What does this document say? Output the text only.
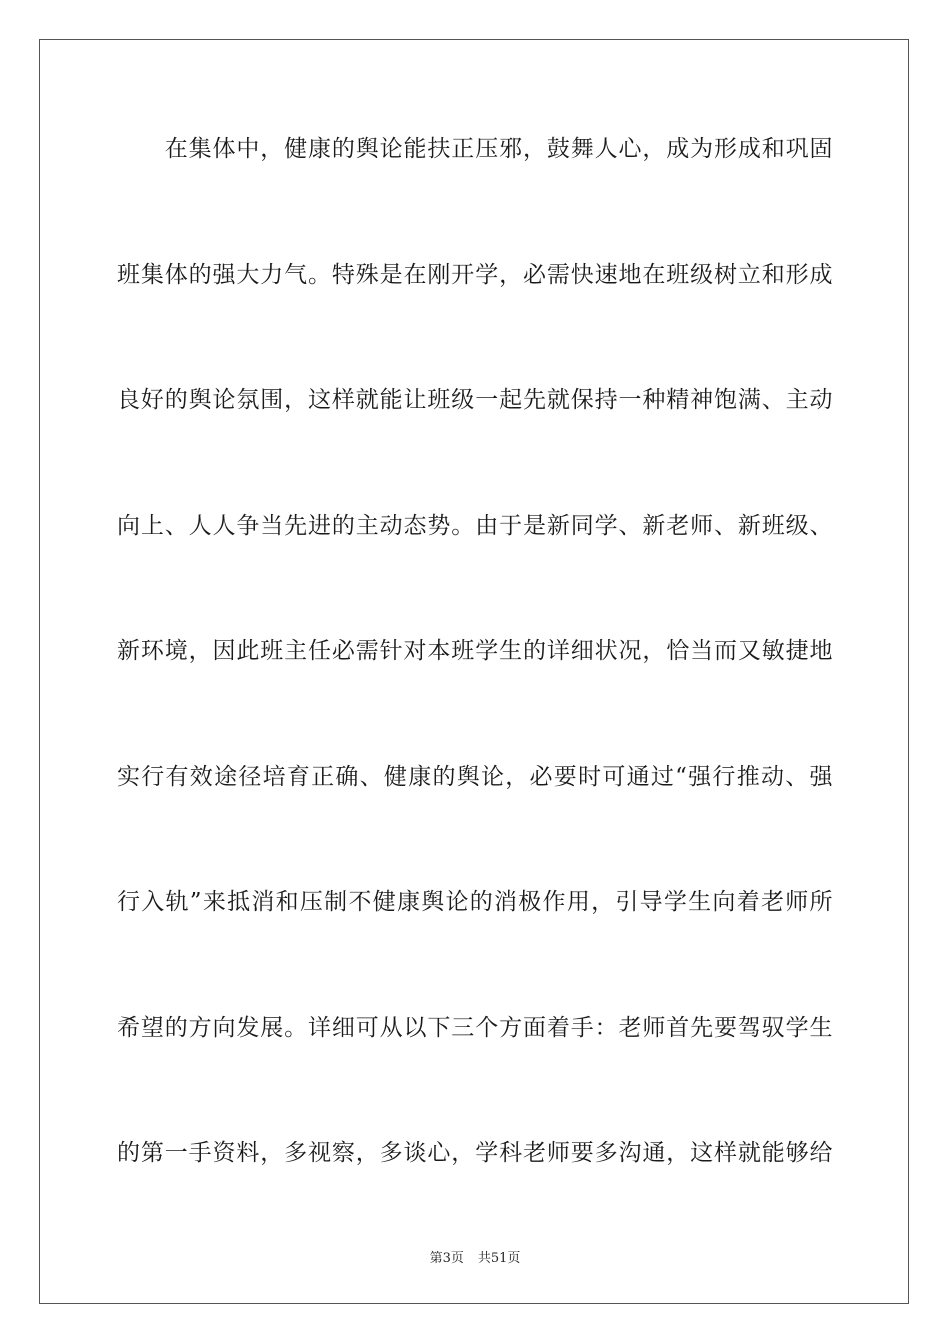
　　在集体中，健康的舆论能扶正压邪，鼓舞人心，成为形成和巩固
班集体的强大力气。特殊是在刚开学，必需快速地在班级树立和形成
良好的舆论氛围，这样就能让班级一起先就保持一种精神饱满、主动
向上、人人争当先进的主动态势。由于是新同学、新老师、新班级、
新环境，因此班主任必需针对本班学生的详细状况，恰当而又敏捷地
实行有效途径培育正确、健康的舆论，必要时可通过“强行推动、强
行入轨”来抵消和压制不健康舆论的消极作用，引导学生向着老师所
希望的方向发展。详细可从以下三个方面着手：老师首先要驾驭学生
的第一手资料，多视察，多谈心，学科老师要多沟通，这样就能够给
第3页 共51页
